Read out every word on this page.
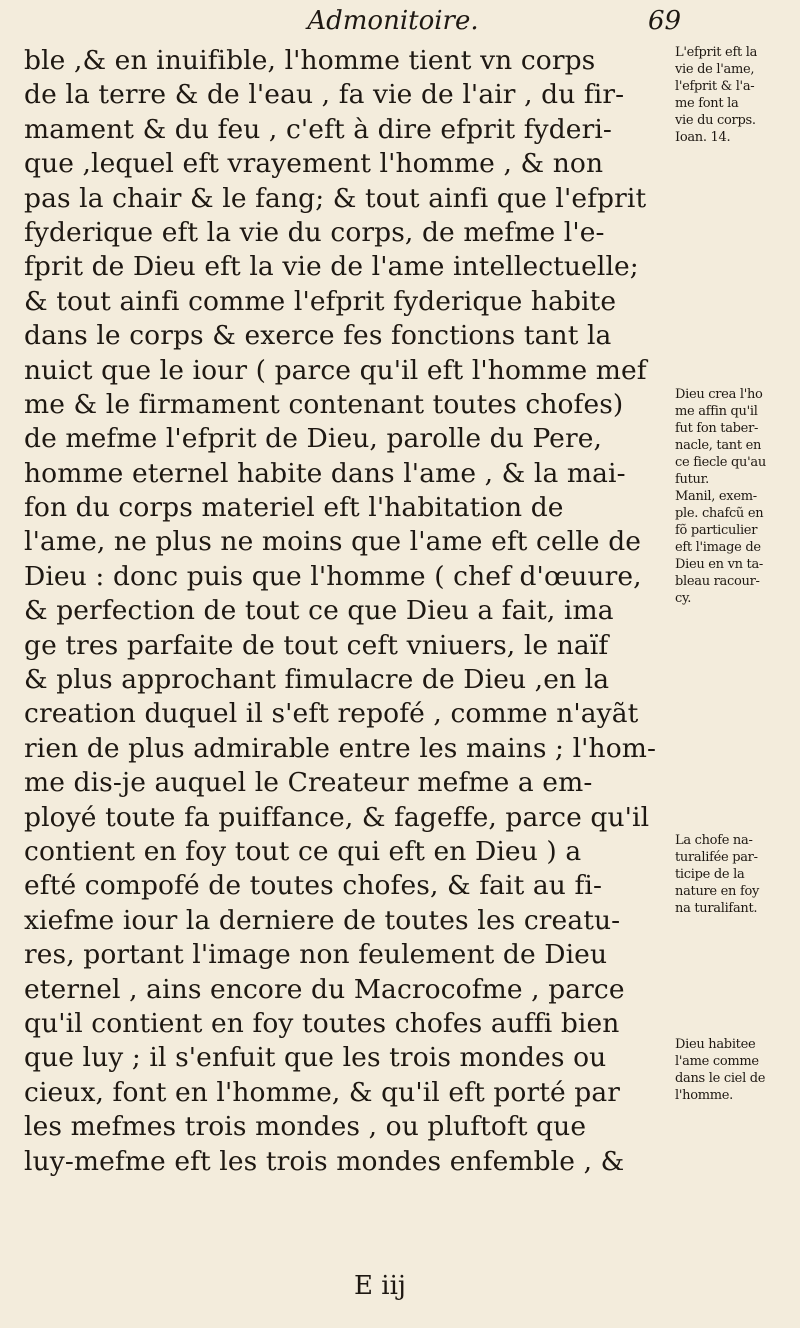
Admonitoire.	69
ble ,& en inuifible, l'homme tient vn corps
de la terre & de l'eau , fa vie de l'air , du fir-
mament & du feu , c'eft à dire efprit fyderi-
que ,lequel eft vrayement l'homme , & non
pas la chair & le fang; & tout ainfi que l'efprit
fyderique eft la vie du corps, de mefme l'e-
fprit de Dieu eft la vie de l'ame intellectuelle;
& tout ainfi comme l'efprit fyderique habite
dans le corps & exerce fes fonctions tant la
nuict que le iour ( parce qu'il eft l'homme mef
me & le firmament contenant toutes chofes)
de mefme l'efprit de Dieu, parolle du Pere,
homme eternel habite dans l'ame , & la mai-
fon du corps materiel eft l'habitation de
l'ame, ne plus ne moins que l'ame eft celle de
Dieu : donc puis que l'homme ( chef d'œuure,
& perfection de tout ce que Dieu a fait, ima
ge tres parfaite de tout ceft vniuers, le naïf
& plus approchant fimulacre de Dieu ,en la
creation duquel il s'eft repofé , comme n'ayãt
rien de plus admirable entre les mains ; l'hom-
me dis-je auquel le Createur mefme a em-
ployé toute fa puiffance, & fageffe, parce qu'il
contient en foy tout ce qui eft en Dieu ) a
efté compofé de toutes chofes, & fait au fi-
xiefme iour la derniere de toutes les creatu-
res, portant l'image non feulement de Dieu
eternel , ains encore du Macrocofme , parce
qu'il contient en foy toutes chofes auffi bien
que luy ; il s'enfuit que les trois mondes ou
cieux, font en l'homme, & qu'il eft porté par
les mefmes trois mondes , ou pluftoft que
luy-mefme eft les trois mondes enfemble , &
L'efprit eft la
vie de l'ame,
l'efprit & l'a-
me font la
vie du corps.
Ioan. 14.
Dieu crea l'ho
me affin qu'il
fut fon taber-
nacle, tant en
ce fiecle qu'au
futur.
Manil, exem-
ple. chafcũ en
fõ particulier
eft l'image de
Dieu en vn ta-
bleau racour-
cy.
La chofe na-
turalifée par-
ticipe de la
nature en foy
na turalifant.
Dieu habitee
l'ame comme
dans le ciel de
l'homme.
E iij
